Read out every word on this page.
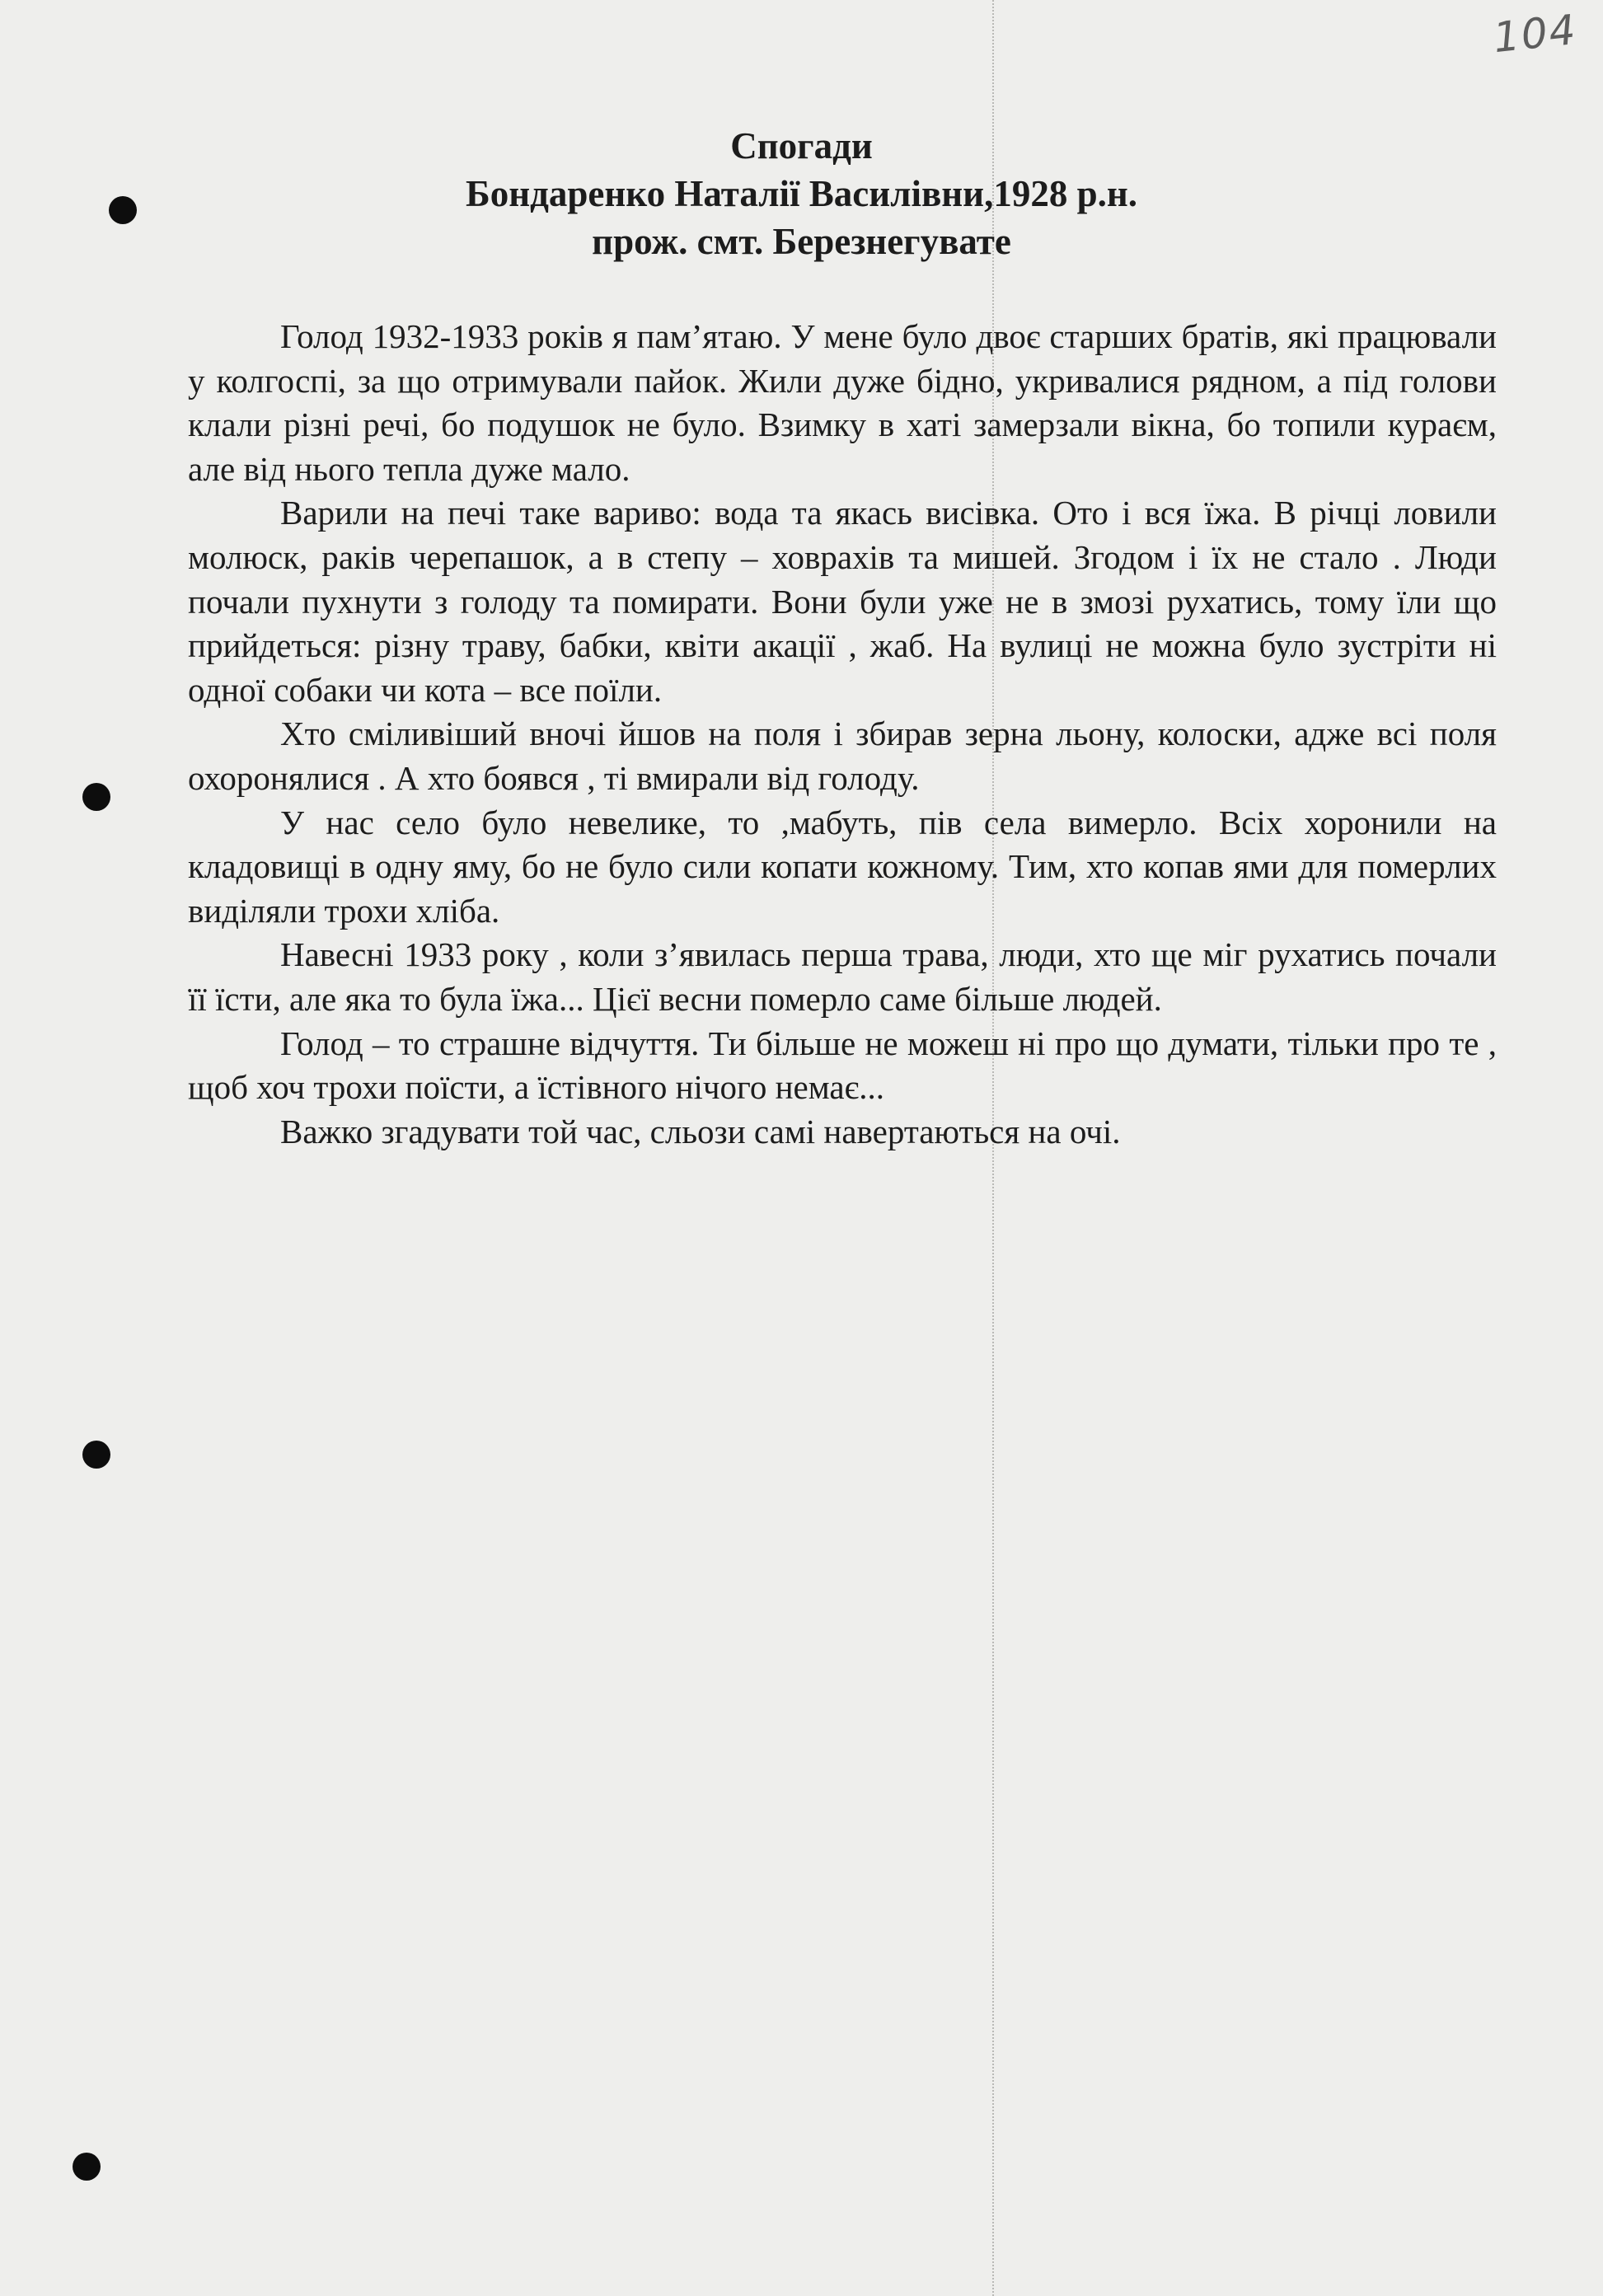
104
Спогади
Бондаренко Наталії Василівни,1928 р.н.
прож. смт. Березнегувате

Голод 1932-1933 років я пам’ятаю. У мене було двоє старших братів, які працювали у колгоспі, за що отримували пайок. Жили дуже бідно, укривалися рядном, а під голови клали різні речі, бо подушок не було. Взимку в хаті замерзали вікна, бо топили кураєм, але від нього тепла дуже мало.

Варили на печі таке вариво: вода та якась висівка. Ото і вся їжа. В річці ловили молюск, раків черепашок, а в степу – ховрахів та мишей. Згодом і їх не стало . Люди почали пухнути з голоду та помирати. Вони були уже не в змозі рухатись, тому їли що прийдеться: різну траву, бабки, квіти акації , жаб. На вулиці не можна було зустріти ні одної собаки чи кота – все поїли.

Хто сміливіший вночі йшов на поля і збирав зерна льону, колоски, адже всі поля охоронялися . А хто боявся , ті вмирали від голоду.

У нас село було невелике, то ,мабуть, пів села вимерло. Всіх хоронили на кладовищі в одну яму, бо не було сили копати кожному. Тим, хто копав ями для померлих виділяли трохи хліба.

Навесні 1933 року , коли з’явилась перша трава, люди, хто ще міг рухатись почали її їсти, але яка то була їжа... Цієї весни померло саме більше людей.

Голод – то страшне відчуття. Ти більше не можеш ні про що думати, тільки про те , щоб хоч трохи поїсти, а їстівного нічого немає...

Важко згадувати той час, сльози самі навертаються на очі.
